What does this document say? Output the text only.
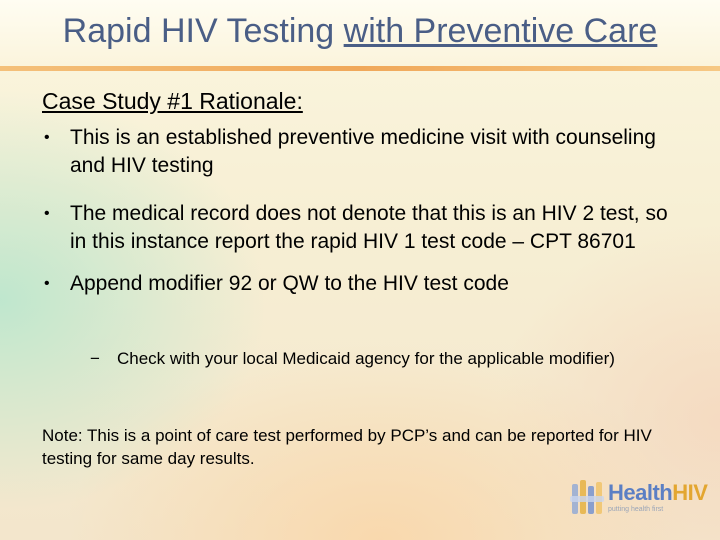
Rapid HIV Testing with Preventive Care
Case Study #1 Rationale:
• This is an established preventive medicine visit with counseling and HIV testing
• The medical record does not denote that this is an HIV 2 test, so in this instance report the rapid HIV 1 test code – CPT 86701
• Append modifier 92 or QW to the HIV test code
− Check with your local Medicaid agency for the applicable modifier)
Note: This is a point of care test performed by PCP’s and can be reported for HIV testing for same day results.
HealthHIV
putting health first
